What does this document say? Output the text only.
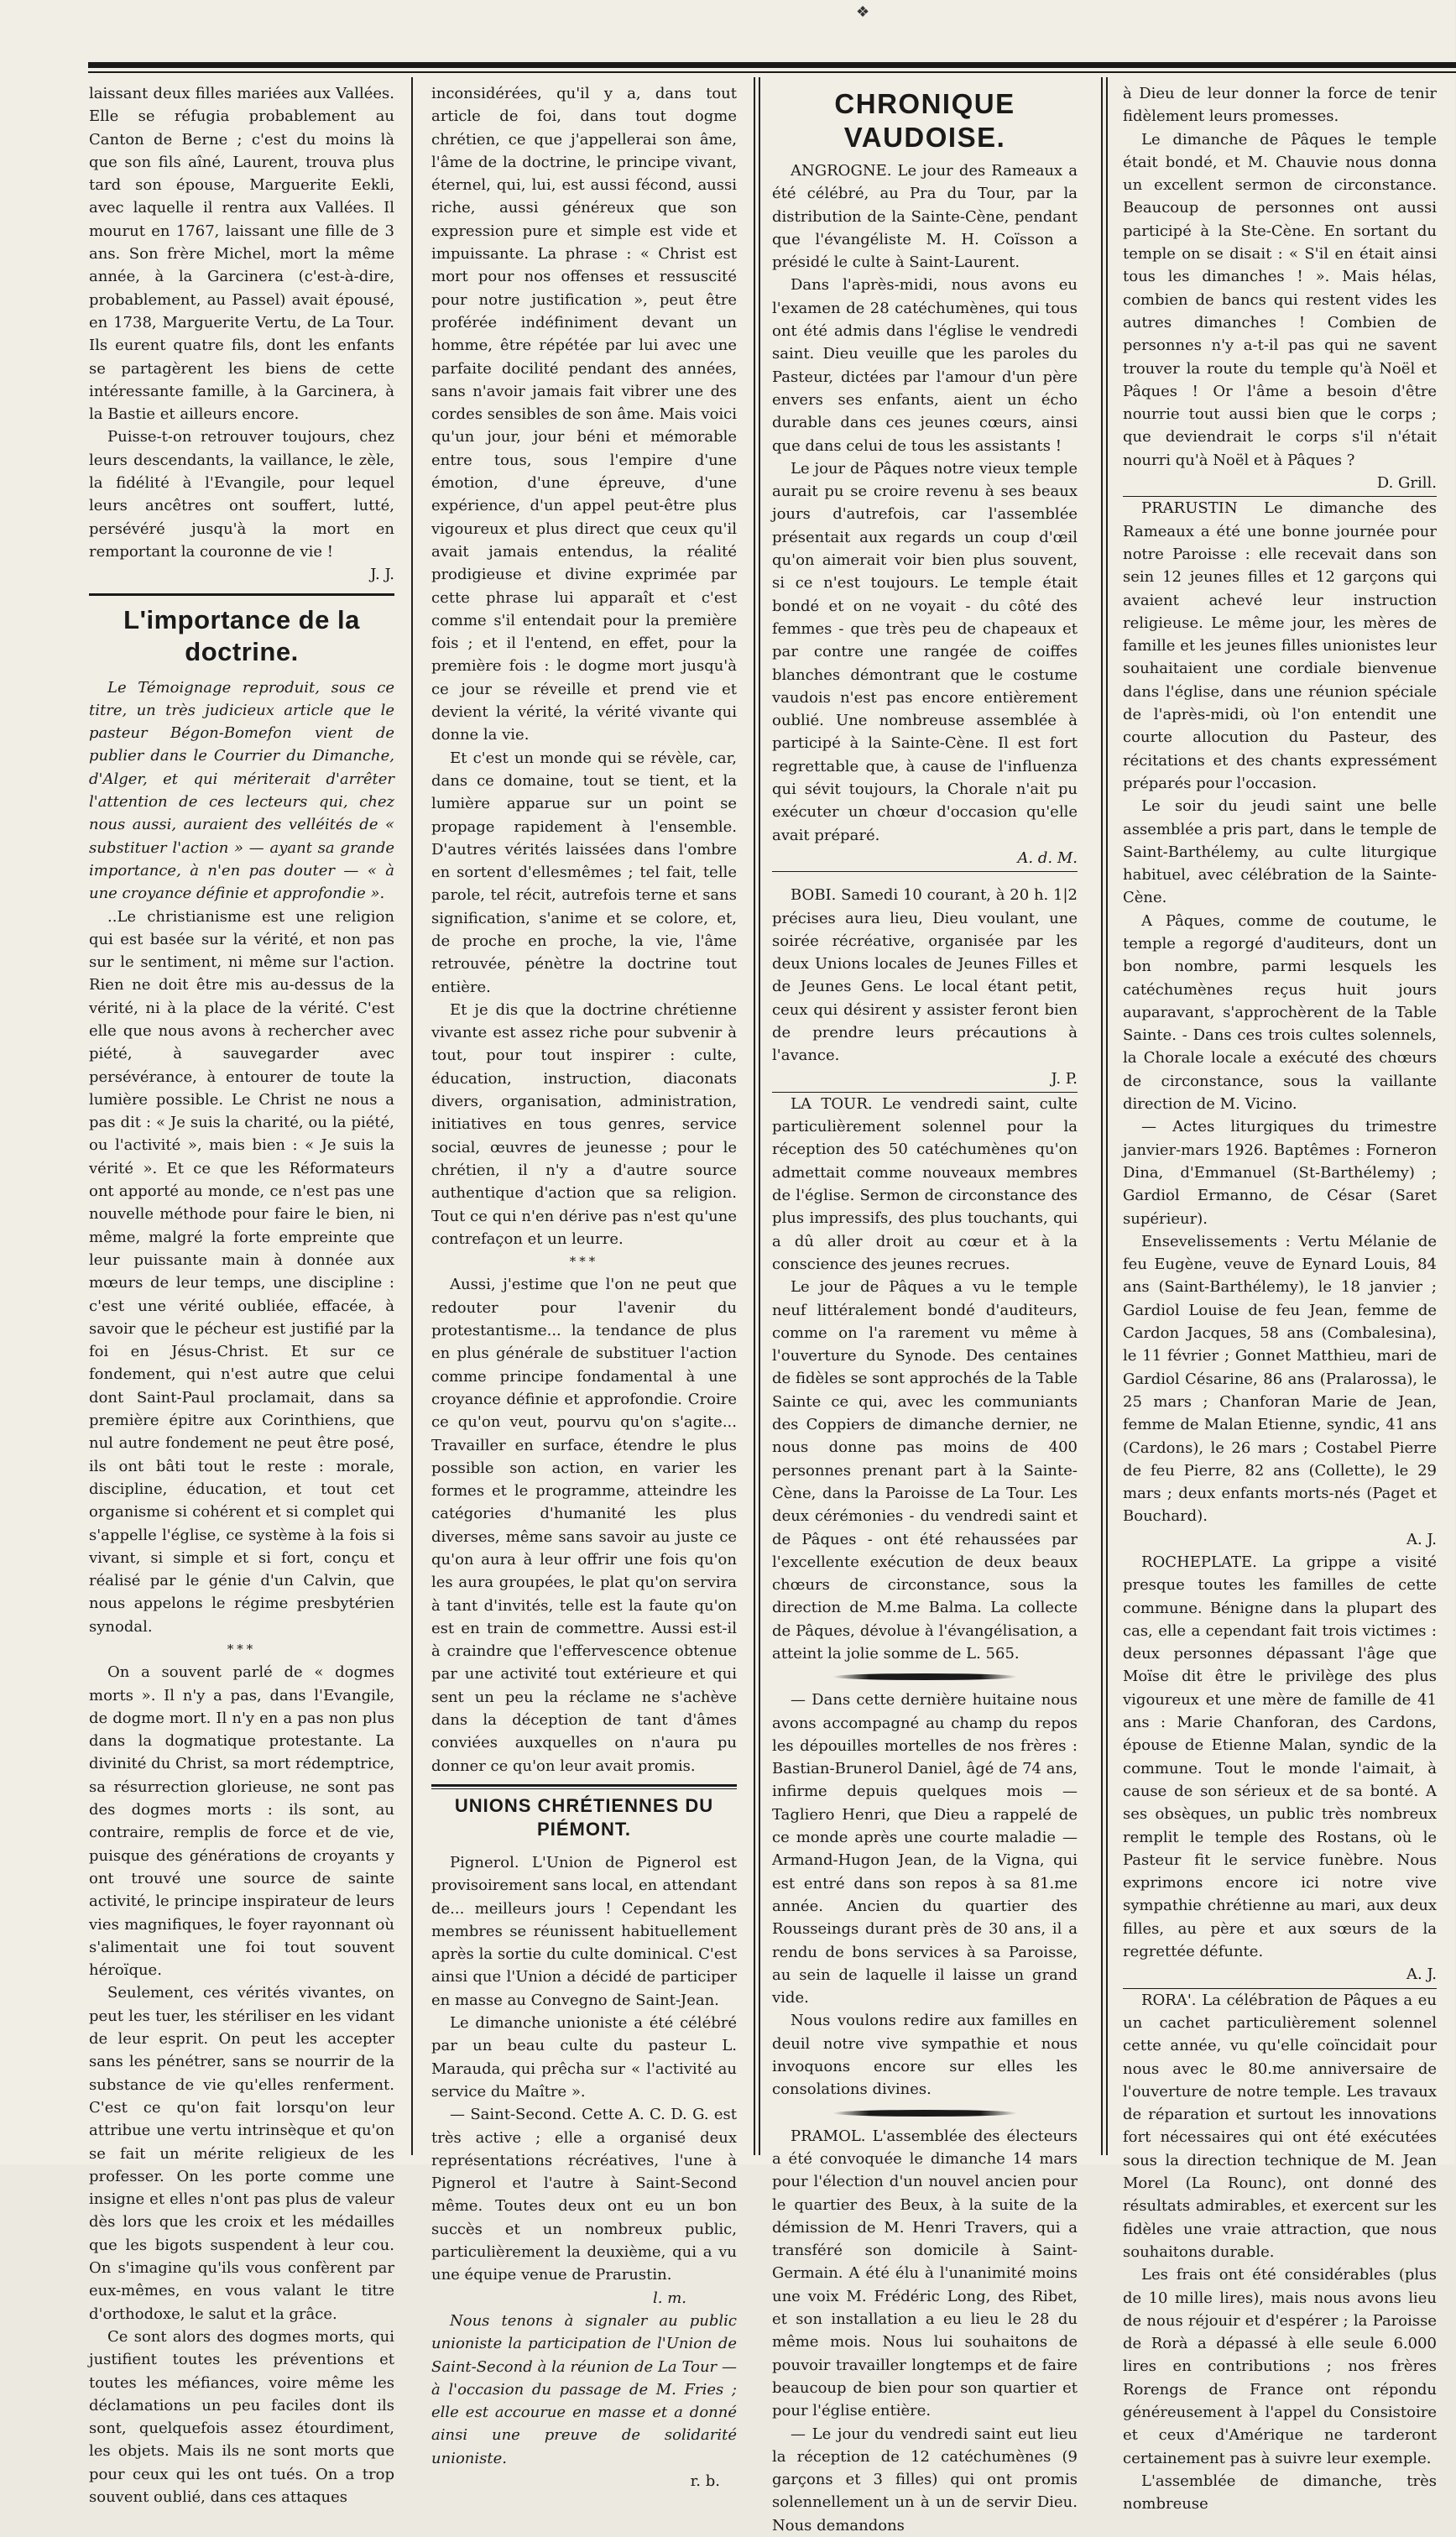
❖

laissant deux filles mariées aux Vallées. Elle se réfugia probablement au Canton de Berne ; c'est du moins là que son fils aîné, Laurent, trouva plus tard son épouse, Marguerite Eekli, avec laquelle il rentra aux Vallées. Il mourut en 1767, laissant une fille de 3 ans. Son frère Michel, mort la même année, à la Garcinera (c'est-à-dire, probablement, au Passel) avait épousé, en 1738, Marguerite Vertu, de La Tour. Ils eurent quatre fils, dont les enfants se partagèrent les biens de cette intéressante famille, à la Garcinera, à la Bastie et ailleurs encore.

Puisse-t-on retrouver toujours, chez leurs descendants, la vaillance, le zèle, la fidélité à l'Evangile, pour lequel leurs ancêtres ont souffert, lutté, persévéré jusqu'à la mort en remportant la couronne de vie !

J. J.

L'importance de la doctrine.

Le Témoignage reproduit, sous ce titre, un très judicieux article que le pasteur Bégon-Bomefon vient de publier dans le Courrier du Dimanche, d'Alger, et qui mériterait d'arrêter l'attention de ces lecteurs qui, chez nous aussi, auraient des velléités de « substituer l'action » — ayant sa grande importance, à n'en pas douter — « à une croyance définie et approfondie ».

..Le christianisme est une religion qui est basée sur la vérité, et non pas sur le sentiment, ni même sur l'action. Rien ne doit être mis au-dessus de la vérité, ni à la place de la vérité. C'est elle que nous avons à rechercher avec piété, à sauvegarder avec persévérance, à entourer de toute la lumière possible. Le Christ ne nous a pas dit : « Je suis la charité, ou la piété, ou l'activité », mais bien : « Je suis la vérité ». Et ce que les Réformateurs ont apporté au monde, ce n'est pas une nouvelle méthode pour faire le bien, ni même, malgré la forte empreinte que leur puissante main à donnée aux mœurs de leur temps, une discipline : c'est une vérité oubliée, effacée, à savoir que le pécheur est justifié par la foi en Jésus-Christ. Et sur ce fondement, qui n'est autre que celui dont Saint-Paul proclamait, dans sa première épitre aux Corinthiens, que nul autre fondement ne peut être posé, ils ont bâti tout le reste : morale, discipline, éducation, et tout cet organisme si cohérent et si complet qui s'appelle l'église, ce système à la fois si vivant, si simple et si fort, conçu et réalisé par le génie d'un Calvin, que nous appelons le régime presbytérien synodal.

***

On a souvent parlé de « dogmes morts ». Il n'y a pas, dans l'Evangile, de dogme mort. Il n'y en a pas non plus dans la dogmatique protestante. La divinité du Christ, sa mort rédemptrice, sa résurrection glorieuse, ne sont pas des dogmes morts : ils sont, au contraire, remplis de force et de vie, puisque des générations de croyants y ont trouvé une source de sainte activité, le principe inspirateur de leurs vies magnifiques, le foyer rayonnant où s'alimentait une foi tout souvent héroïque.

Seulement, ces vérités vivantes, on peut les tuer, les stériliser en les vidant de leur esprit. On peut les accepter sans les pénétrer, sans se nourrir de la substance de vie qu'elles renferment. C'est ce qu'on fait lorsqu'on leur attribue une vertu intrinsèque et qu'on se fait un mérite religieux de les professer. On les porte comme une insigne et elles n'ont pas plus de valeur dès lors que les croix et les médailles que les bigots suspendent à leur cou. On s'imagine qu'ils vous confèrent par eux-mêmes, en vous valant le titre d'orthodoxe, le salut et la grâce.

Ce sont alors des dogmes morts, qui justifient toutes les préventions et toutes les méfiances, voire même les déclamations un peu faciles dont ils sont, quelquefois assez étourdiment, les objets. Mais ils ne sont morts que pour ceux qui les ont tués. On a trop souvent oublié, dans ces attaques

inconsidérées, qu'il y a, dans tout article de foi, dans tout dogme chrétien, ce que j'appellerai son âme, l'âme de la doctrine, le principe vivant, éternel, qui, lui, est aussi fécond, aussi riche, aussi généreux que son expression pure et simple est vide et impuissante. La phrase : « Christ est mort pour nos offenses et ressuscité pour notre justification », peut être proférée indéfiniment devant un homme, être répétée par lui avec une parfaite docilité pendant des années, sans n'avoir jamais fait vibrer une des cordes sensibles de son âme. Mais voici qu'un jour, jour béni et mémorable entre tous, sous l'empire d'une émotion, d'une épreuve, d'une expérience, d'un appel peut-être plus vigoureux et plus direct que ceux qu'il avait jamais entendus, la réalité prodigieuse et divine exprimée par cette phrase lui apparaît et c'est comme s'il entendait pour la première fois ; et il l'entend, en effet, pour la première fois : le dogme mort jusqu'à ce jour se réveille et prend vie et devient la vérité, la vérité vivante qui donne la vie.

Et c'est un monde qui se révèle, car, dans ce domaine, tout se tient, et la lumière apparue sur un point se propage rapidement à l'ensemble. D'autres vérités laissées dans l'ombre en sortent d'ellesmêmes ; tel fait, telle parole, tel récit, autrefois terne et sans signification, s'anime et se colore, et, de proche en proche, la vie, l'âme retrouvée, pénètre la doctrine tout entière.

Et je dis que la doctrine chrétienne vivante est assez riche pour subvenir à tout, pour tout inspirer : culte, éducation, instruction, diaconats divers, organisation, administration, initiatives en tous genres, service social, œuvres de jeunesse ; pour le chrétien, il n'y a d'autre source authentique d'action que sa religion. Tout ce qui n'en dérive pas n'est qu'une contrefaçon et un leurre.

***

Aussi, j'estime que l'on ne peut que redouter pour l'avenir du protestantisme... la tendance de plus en plus générale de substituer l'action comme principe fondamental à une croyance définie et approfondie. Croire ce qu'on veut, pourvu qu'on s'agite... Travailler en surface, étendre le plus possible son action, en varier les formes et le programme, atteindre les catégories d'humanité les plus diverses, même sans savoir au juste ce qu'on aura à leur offrir une fois qu'on les aura groupées, le plat qu'on servira à tant d'invités, telle est la faute qu'on est en train de commettre. Aussi est-il à craindre que l'effervescence obtenue par une activité tout extérieure et qui sent un peu la réclame ne s'achève dans la déception de tant d'âmes conviées auxquelles on n'aura pu donner ce qu'on leur avait promis.

UNIONS CHRÉTIENNES DU PIÉMONT.

Pignerol. L'Union de Pignerol est provisoirement sans local, en attendant de... meilleurs jours ! Cependant les membres se réunissent habituellement après la sortie du culte dominical. C'est ainsi que l'Union a décidé de participer en masse au Convegno de Saint-Jean.

Le dimanche unioniste a été célébré par un beau culte du pasteur L. Marauda, qui prêcha sur « l'activité au service du Maître ».

— Saint-Second. Cette A. C. D. G. est très active ; elle a organisé deux représentations récréatives, l'une à Pignerol et l'autre à Saint-Second même. Toutes deux ont eu un bon succès et un nombreux public, particulièrement la deuxième, qui a vu une équipe venue de Prarustin.

l. m.

Nous tenons à signaler au public unioniste la participation de l'Union de Saint-Second à la réunion de La Tour — à l'occasion du passage de M. Fries ; elle est accourue en masse et a donné ainsi une preuve de solidarité unioniste.

r. b.

CHRONIQUE VAUDOISE.

ANGROGNE. Le jour des Rameaux a été célébré, au Pra du Tour, par la distribution de la Sainte-Cène, pendant que l'évangéliste M. H. Coïsson a présidé le culte à Saint-Laurent.

Dans l'après-midi, nous avons eu l'examen de 28 catéchumènes, qui tous ont été admis dans l'église le vendredi saint. Dieu veuille que les paroles du Pasteur, dictées par l'amour d'un père envers ses enfants, aient un écho durable dans ces jeunes cœurs, ainsi que dans celui de tous les assistants !

Le jour de Pâques notre vieux temple aurait pu se croire revenu à ses beaux jours d'autrefois, car l'assemblée présentait aux regards un coup d'œil qu'on aimerait voir bien plus souvent, si ce n'est toujours. Le temple était bondé et on ne voyait - du côté des femmes - que très peu de chapeaux et par contre une rangée de coiffes blanches démontrant que le costume vaudois n'est pas encore entièrement oublié. Une nombreuse assemblée à participé à la Sainte-Cène. Il est fort regrettable que, à cause de l'influenza qui sévit toujours, la Chorale n'ait pu exécuter un chœur d'occasion qu'elle avait préparé.

A. d. M.

BOBI. Samedi 10 courant, à 20 h. 1|2 précises aura lieu, Dieu voulant, une soirée récréative, organisée par les deux Unions locales de Jeunes Filles et de Jeunes Gens. Le local étant petit, ceux qui désirent y assister feront bien de prendre leurs précautions à l'avance.

J. P.

LA TOUR. Le vendredi saint, culte particulièrement solennel pour la réception des 50 catéchumènes qu'on admettait comme nouveaux membres de l'église. Sermon de circonstance des plus impressifs, des plus touchants, qui a dû aller droit au cœur et à la conscience des jeunes recrues.

Le jour de Pâques a vu le temple neuf littéralement bondé d'auditeurs, comme on l'a rarement vu même à l'ouverture du Synode. Des centaines de fidèles se sont approchés de la Table Sainte ce qui, avec les communiants des Coppiers de dimanche dernier, ne nous donne pas moins de 400 personnes prenant part à la Sainte-Cène, dans la Paroisse de La Tour. Les deux cérémonies - du vendredi saint et de Pâques - ont été rehaussées par l'excellente exécution de deux beaux chœurs de circonstance, sous la direction de M.me Balma. La collecte de Pâques, dévolue à l'évangélisation, a atteint la jolie somme de L. 565.

— Dans cette dernière huitaine nous avons accompagné au champ du repos les dépouilles mortelles de nos frères : Bastian-Brunerol Daniel, âgé de 74 ans, infirme depuis quelques mois — Tagliero Henri, que Dieu a rappelé de ce monde après une courte maladie — Armand-Hugon Jean, de la Vigna, qui est entré dans son repos à sa 81.me année. Ancien du quartier des Rousseings durant près de 30 ans, il a rendu de bons services à sa Paroisse, au sein de laquelle il laisse un grand vide.

Nous voulons redire aux familles en deuil notre vive sympathie et nous invoquons encore sur elles les consolations divines.

PRAMOL. L'assemblée des électeurs a été convoquée le dimanche 14 mars pour l'élection d'un nouvel ancien pour le quartier des Beux, à la suite de la démission de M. Henri Travers, qui a transféré son domicile à Saint-Germain. A été élu à l'unanimité moins une voix M. Frédéric Long, des Ribet, et son installation a eu lieu le 28 du même mois. Nous lui souhaitons de pouvoir travailler longtemps et de faire beaucoup de bien pour son quartier et pour l'église entière.

— Le jour du vendredi saint eut lieu la réception de 12 catéchumènes (9 garçons et 3 filles) qui ont promis solennellement un à un de servir Dieu. Nous demandons

à Dieu de leur donner la force de tenir fidèlement leurs promesses.

Le dimanche de Pâques le temple était bondé, et M. Chauvie nous donna un excellent sermon de circonstance. Beaucoup de personnes ont aussi participé à la Ste-Cène. En sortant du temple on se disait : « S'il en était ainsi tous les dimanches ! ». Mais hélas, combien de bancs qui restent vides les autres dimanches ! Combien de personnes n'y a-t-il pas qui ne savent trouver la route du temple qu'à Noël et Pâques ! Or l'âme a besoin d'être nourrie tout aussi bien que le corps ; que deviendrait le corps s'il n'était nourri qu'à Noël et à Pâques ?

D. Grill.

PRARUSTIN Le dimanche des Rameaux a été une bonne journée pour notre Paroisse : elle recevait dans son sein 12 jeunes filles et 12 garçons qui avaient achevé leur instruction religieuse. Le même jour, les mères de famille et les jeunes filles unionistes leur souhaitaient une cordiale bienvenue dans l'église, dans une réunion spéciale de l'après-midi, où l'on entendit une courte allocution du Pasteur, des récitations et des chants expressément préparés pour l'occasion.

Le soir du jeudi saint une belle assemblée a pris part, dans le temple de Saint-Barthélemy, au culte liturgique habituel, avec célébration de la Sainte-Cène.

A Pâques, comme de coutume, le temple a regorgé d'auditeurs, dont un bon nombre, parmi lesquels les catéchumènes reçus huit jours auparavant, s'approchèrent de la Table Sainte. - Dans ces trois cultes solennels, la Chorale locale a exécuté des chœurs de circonstance, sous la vaillante direction de M. Vicino.

— Actes liturgiques du trimestre janvier-mars 1926. Baptêmes : Forneron Dina, d'Emmanuel (St-Barthélemy) ; Gardiol Ermanno, de César (Saret supérieur).

Ensevelissements : Vertu Mélanie de feu Eugène, veuve de Eynard Louis, 84 ans (Saint-Barthélemy), le 18 janvier ; Gardiol Louise de feu Jean, femme de Cardon Jacques, 58 ans (Combalesina), le 11 février ; Gonnet Matthieu, mari de Gardiol Césarine, 86 ans (Pralarossa), le 25 mars ; Chanforan Marie de Jean, femme de Malan Etienne, syndic, 41 ans (Cardons), le 26 mars ; Costabel Pierre de feu Pierre, 82 ans (Collette), le 29 mars ; deux enfants morts-nés (Paget et Bouchard).

A. J.

ROCHEPLATE. La grippe a visité presque toutes les familles de cette commune. Bénigne dans la plupart des cas, elle a cependant fait trois victimes : deux personnes dépassant l'âge que Moïse dit être le privilège des plus vigoureux et une mère de famille de 41 ans : Marie Chanforan, des Cardons, épouse de Etienne Malan, syndic de la commune. Tout le monde l'aimait, à cause de son sérieux et de sa bonté. A ses obsèques, un public très nombreux remplit le temple des Rostans, où le Pasteur fit le service funèbre. Nous exprimons encore ici notre vive sympathie chrétienne au mari, aux deux filles, au père et aux sœurs de la regrettée défunte.

A. J.

RORA'. La célébration de Pâques a eu un cachet particulièrement solennel cette année, vu qu'elle coïncidait pour nous avec le 80.me anniversaire de l'ouverture de notre temple. Les travaux de réparation et surtout les innovations fort nécessaires qui ont été exécutées sous la direction technique de M. Jean Morel (La Rounc), ont donné des résultats admirables, et exercent sur les fidèles une vraie attraction, que nous souhaitons durable.

Les frais ont été considérables (plus de 10 mille lires), mais nous avons lieu de nous réjouir et d'espérer ; la Paroisse de Rorà a dépassé à elle seule 6.000 lires en contributions ; nos frères Rorengs de France ont répondu généreusement à l'appel du Consistoire et ceux d'Amérique ne tarderont certainement pas à suivre leur exemple.

L'assemblée de dimanche, très nombreuse
